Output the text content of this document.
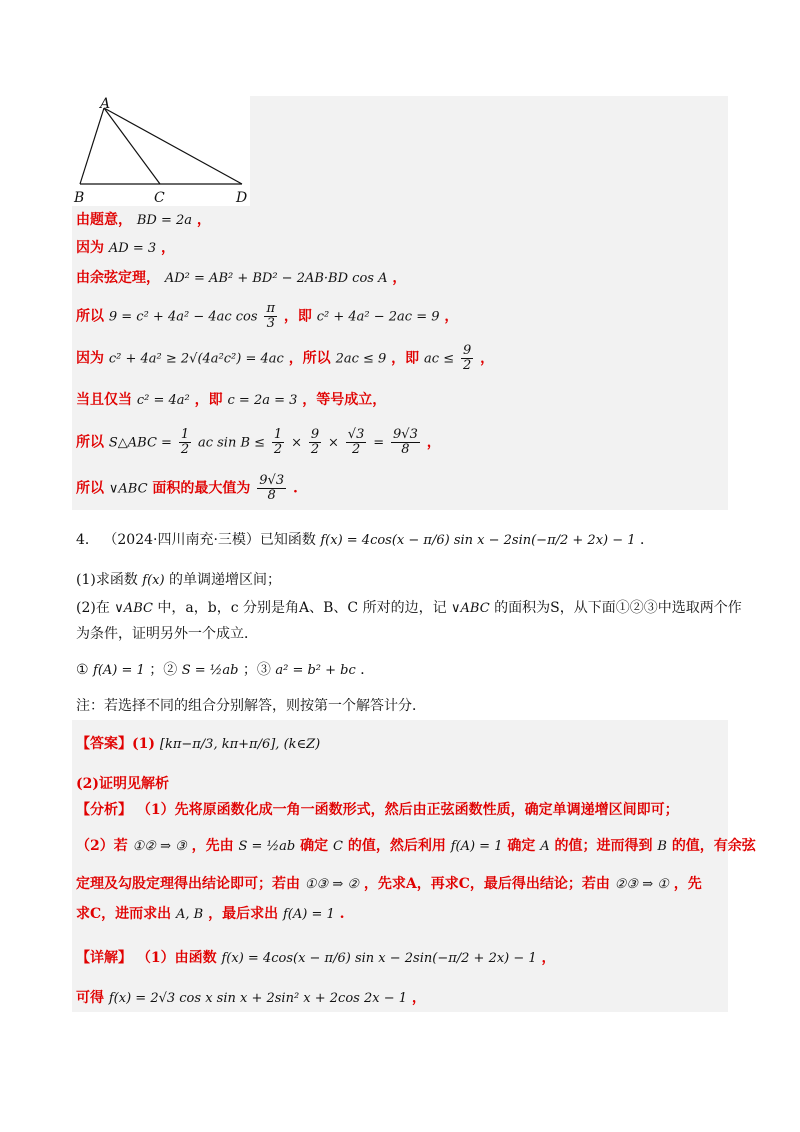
A
B	C	D
由题意， BD = 2a ，
因为 AD = 3 ，
由余弦定理， AD² = AB² + BD² − 2AB·BD cos A ，
所以 9 = c² + 4a² − 4ac $\cos \frac{\pi}{3}$ ，即 c² + 4a² − 2ac = 9 ，
因为 c² + 4a² ≥ 2√(4a²c²) = 4ac ，所以 2ac ≤ 9 ，即 ac ≤ $\frac{9}{2}$ ，
当且仅当 c² = 4a² ，即 c = 2a = 3 ，等号成立，
所以 S△ABC = $\frac{1}{2}$ ac $\sin B \le \frac{1}{2} \times \frac{9}{2} \times \frac{√3}{2} = \frac{9√3}{8}$ ，
所以 ∨ABC 面积的最大值为 $\frac{9√3}{8}$ .
4． （2024·四川南充·三模）已知函数 f(x) = 4cos(x − π/6) sin x − 2sin(−π/2 + 2x) − 1 ．
(1)求函数 f(x) 的单调递增区间；
(2)在 ∨ABC 中，a，b，c 分别是角A、B、C 所对的边，记 ∨ABC 的面积为S，从下面①②③中选取两个作
为条件，证明另外一个成立．
① f(A) = 1 ；② S = ½ab ；③ a² = b² + bc ．
注：若选择不同的组合分别解答，则按第一个解答计分．
【答案】(1) [kπ−π/3, kπ+π/6], (k∈Z)
(2)证明见解析
【分析】 （1）先将原函数化成一角一函数形式，然后由正弦函数性质，确定单调递增区间即可；
（2）若 ①② ⇒ ③ ，先由 S = ½ab 确定 C 的值，然后利用 f(A) = 1 确定 A 的值；进而得到 B 的值，有余弦
定理及勾股定理得出结论即可；若由 ①③ ⇒ ② ，先求A，再求C，最后得出结论；若由 ②③ ⇒ ① ，先
求C，进而求出 A, B ，最后求出 f(A) = 1 .
【详解】 （1）由函数 f(x) = 4cos(x − π/6) sin x − 2sin(−π/2 + 2x) − 1 ，
可得 f(x) = 2√3 cos x sin x + 2sin² x + 2cos 2x − 1 ，
